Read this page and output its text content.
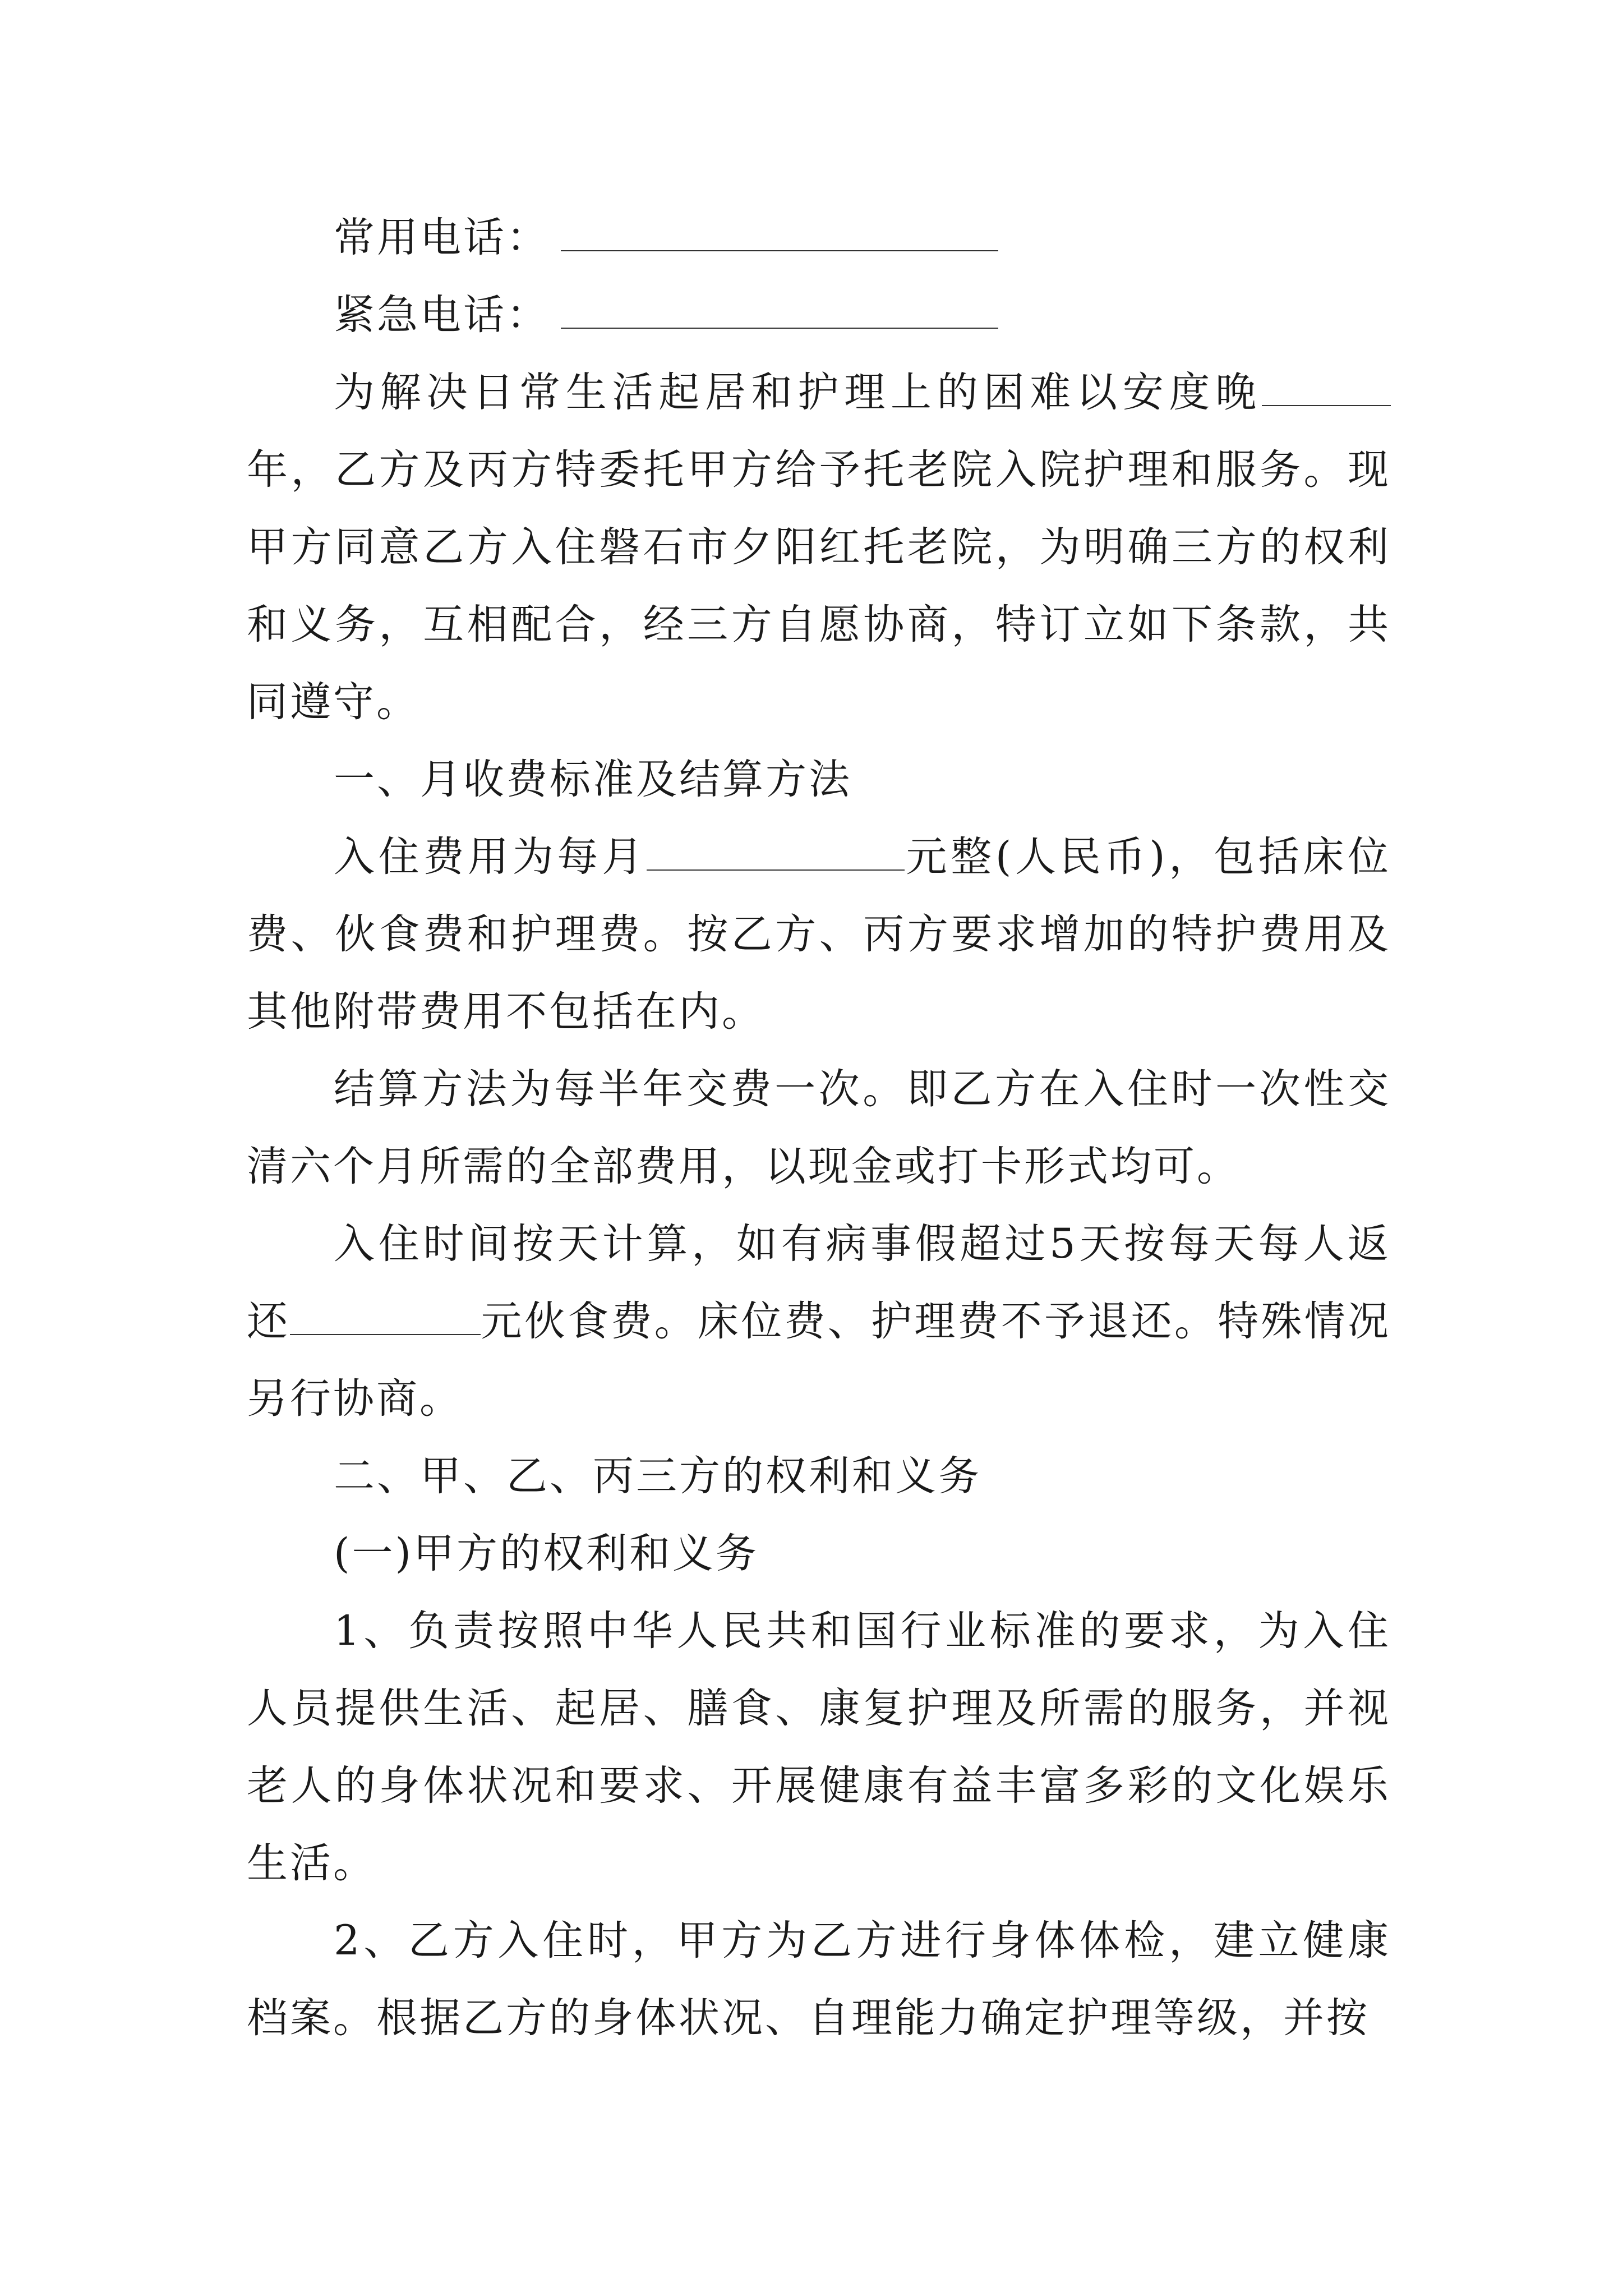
常用电话：

紧急电话：

为解决日常生活起居和护理上的困难以安度晚年，乙方及丙方特委托甲方给予托老院入院护理和服务。现甲方同意乙方入住磐石市夕阳红托老院，为明确三方的权利和义务，互相配合，经三方自愿协商，特订立如下条款，共同遵守。

一、月收费标准及结算方法

入住费用为每月	元整(人民币)，包括床位费、伙食费和护理费。按乙方、丙方要求增加的特护费用及其他附带费用不包括在内。

结算方法为每半年交费一次。即乙方在入住时一次性交清六个月所需的全部费用，以现金或打卡形式均可。

入住时间按天计算，如有病事假超过5天按每天每人返还	元伙食费。床位费、护理费不予退还。特殊情况另行协商。

二、甲、乙、丙三方的权利和义务

(一)甲方的权利和义务

1、负责按照中华人民共和国行业标准的要求，为入住人员提供生活、起居、膳食、康复护理及所需的服务，并视老人的身体状况和要求、开展健康有益丰富多彩的文化娱乐生活。

2、乙方入住时，甲方为乙方进行身体体检，建立健康档案。根据乙方的身体状况、自理能力确定护理等级，并按
